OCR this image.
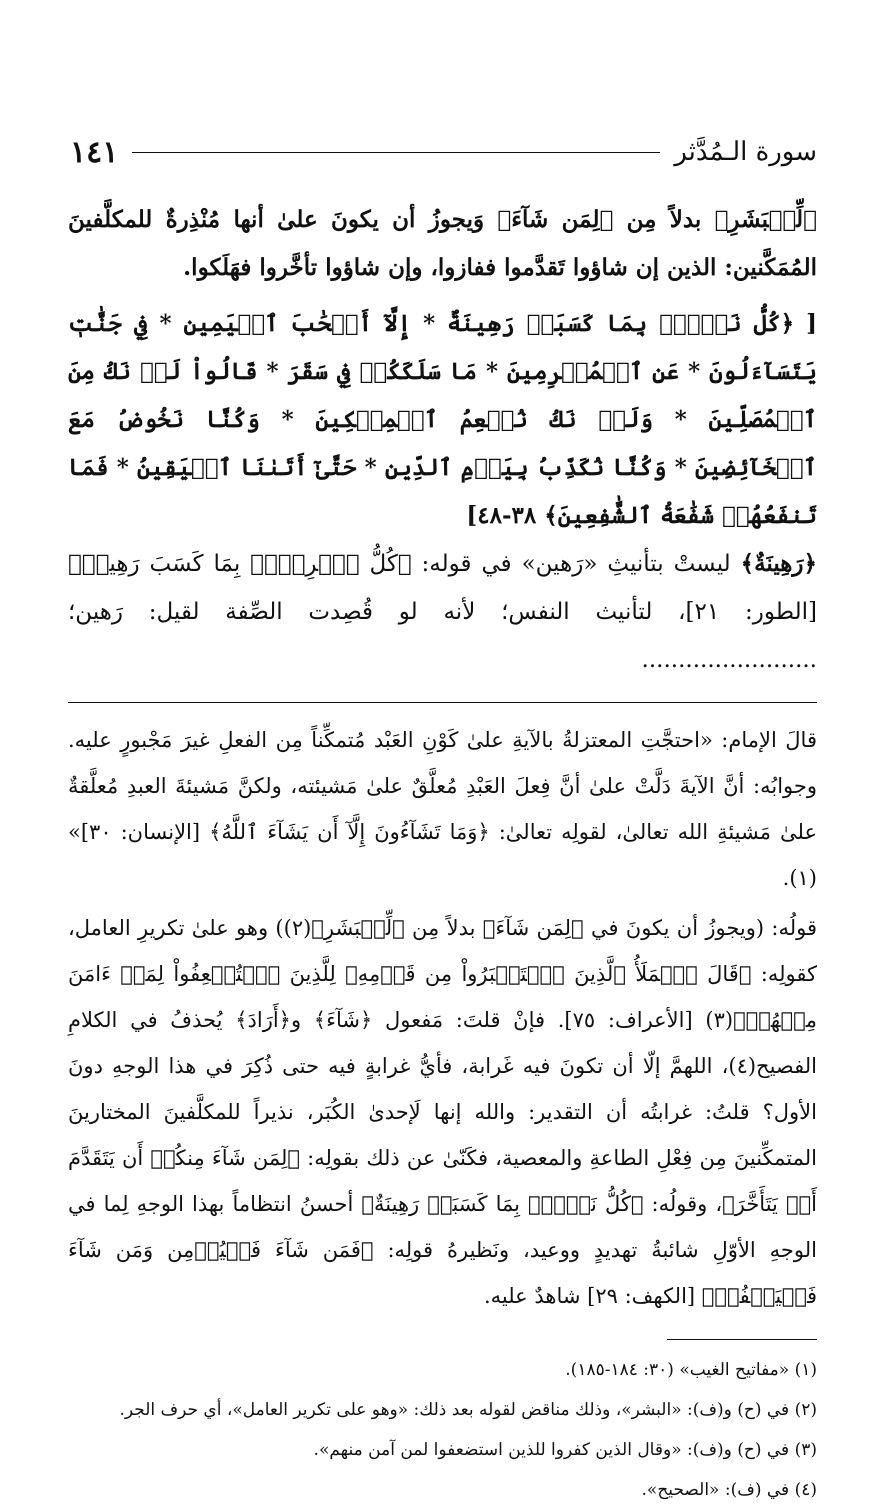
سورة الـمُدَّثر
١٤١

﴿لِّلۡبَشَرِ﴾ بدلاً مِن ﴿لِمَن شَآءَ﴾ وَيجوزُ أن يكونَ علىٰ أنها مُنْذِرةٌ للمكلَّفينَ المُمَكَّنين: الذين إن شاؤوا تَقدَّموا ففازوا، وإن شاؤوا تأخَّروا فهَلَكوا.

[ ﴿كُلُّ نَفۡسِۭ بِمَا كَسَبَتۡ رَهِينَةٌ * إِلَّآ أَصۡحَٰبَ ٱلۡيَمِينِ * فِي جَنَّٰتٖ يَتَسَآءَلُونَ * عَنِ ٱلۡمُجۡرِمِينَ * مَا سَلَكَكُمۡ فِي سَقَرَ * قَالُواْ لَمۡ نَكُ مِنَ ٱلۡمُصَلِّينَ * وَلَمۡ نَكُ نُطۡعِمُ ٱلۡمِسۡكِينَ * وَكُنَّا نَخُوضُ مَعَ ٱلۡخَآئِضِينَ * وَكُنَّا نُكَذِّبُ بِيَوۡمِ ٱلدِّينِ * حَتَّىٰٓ أَتَىٰنَا ٱلۡيَقِينُ * فَمَا تَنفَعُهُمۡ شَفَٰعَةُ ٱلشَّٰفِعِينَ﴾ ٣٨-٤٨]

﴿رَهِينَةٌ﴾ ليستْ بتأنيثِ «رَهين» في قوله: ﴿كُلُّ ٱمۡرِيِٕۭ بِمَا كَسَبَ رَهِينٞ﴾ [الطور: ٢١]، لتأنيث النفس؛ لأنه لو قُصِدت الصِّفة لقيل: رَهين؛ ........................

قالَ الإمام: «احتجَّتِ المعتزلةُ بالآيةِ علىٰ كَوْنِ العَبْد مُتمكِّناً مِن الفعلِ غيرَ مَجْبورٍ عليه. وجوابُه: أنَّ الآيةَ دَلَّتْ علىٰ أنَّ فِعلَ العَبْدِ مُعلَّقٌ علىٰ مَشيئته، ولكنَّ مَشيئةَ العبدِ مُعلَّقةٌ علىٰ مَشيئةِ الله تعالىٰ، لقولِه تعالىٰ: ﴿وَمَا تَشَآءُونَ إِلَّآ أَن يَشَآءَ ٱللَّهُ﴾ [الإنسان: ٣٠]» (١).

قولُه: (ويجوزُ أن يكونَ في ﴿لِمَن شَآءَ﴾ بدلاً مِن ﴿لِّلۡبَشَرِ﴾(٢)) وهو علىٰ تكريرِ العامل، كقولِه: ﴿قَالَ ٱلۡمَلَأُ ٱلَّذِينَ ٱسۡتَكۡبَرُواْ مِن قَوۡمِهِۦ لِلَّذِينَ ٱسۡتُضۡعِفُواْ لِمَنۡ ءَامَنَ مِنۡهُمۡ﴾(٣) [الأعراف: ٧٥]. فإنْ قلتَ: مَفعول ﴿شَآءَ﴾ و﴿أَرَادَ﴾ يُحذفُ في الكلامِ الفصيح(٤)، اللهمَّ إلّا أن تكونَ فيه غَرابة، فأيُّ غرابةٍ فيه حتى ذُكِرَ في هذا الوجهِ دونَ الأول؟ قلتُ: غرابتُه أن التقدير: والله إنها لَإحدىٰ الكُبَر، نذيراً للمكلَّفينَ المختارينَ المتمكِّنينَ مِن فِعْلِ الطاعةِ والمعصية، فكَنّىٰ عن ذلك بقولِه: ﴿لِمَن شَآءَ مِنكُمۡ أَن يَتَقَدَّمَ أَوۡ يَتَأَخَّرَ﴾، وقولُه: ﴿كُلُّ نَفۡسِۭ بِمَا كَسَبَتۡ رَهِينَةٌ﴾ أحسنُ انتظاماً بهذا الوجهِ لِما في الوجهِ الأوّلِ شائبةُ تهديدٍ ووعيد، ونَظيرهُ قولِه: ﴿فَمَن شَآءَ فَلۡيُؤۡمِن وَمَن شَآءَ فَلۡيَكۡفُرۡ﴾ [الكهف: ٢٩] شاهدٌ عليه.

(١) «مفاتيح الغيب» (٣٠: ١٨٤-١٨٥).

(٢) في (ح) و(ف): «البشر»، وذلك مناقض لقوله بعد ذلك: «وهو على تكرير العامل»، أي حرف الجر.

(٣) في (ح) و(ف): «وقال الذين كفروا للذين استضعفوا لمن آمن منهم».

(٤) في (ف): «الصحيح».
